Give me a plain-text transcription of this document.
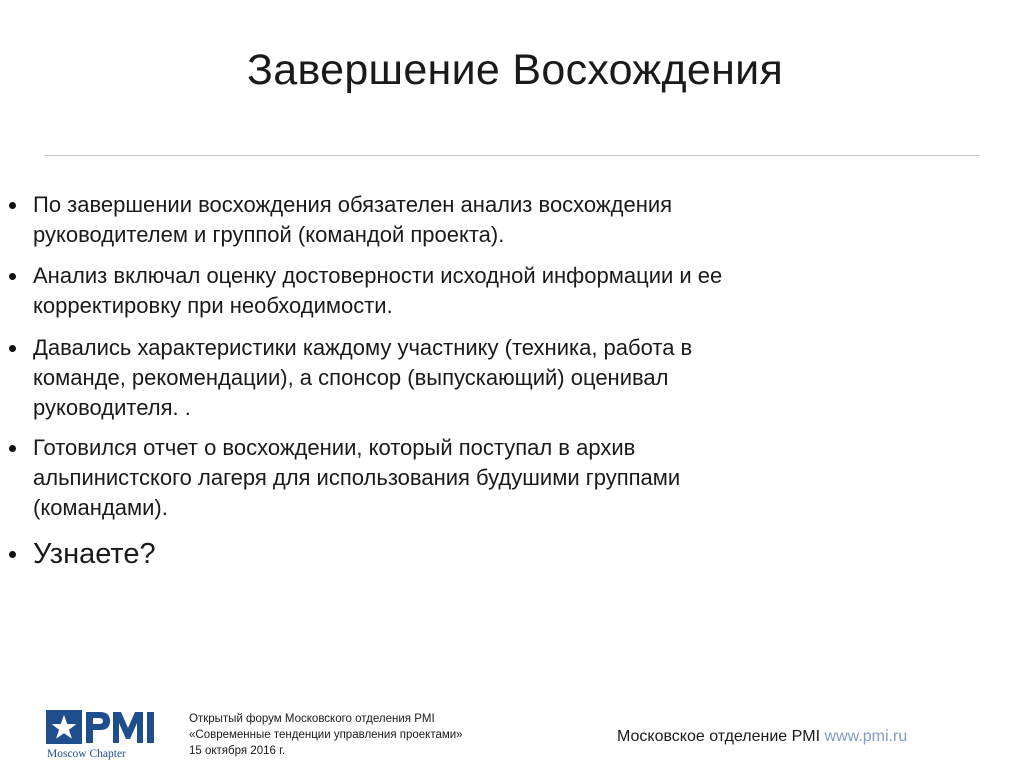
Завершение Восхождения
По завершении восхождения обязателен анализ восхождения
руководителем и группой (командой проекта).
Анализ включал оценку достоверности исходной информации и ее
корректировку при необходимости.
Давались характеристики каждому участнику (техника, работа в
команде, рекомендации), а спонсор (выпускающий) оценивал
руководителя. .
Готовился отчет о восхождении, который поступал в архив
альпинистского лагеря для использования будушими группами
(командами).
Узнаете?
Moscow Chapter
Открытый форум Московского отделения PMI
«Современные тенденции управления проектами»
15 октября 2016 г.
Московское отделение PMI www.pmi.ru
